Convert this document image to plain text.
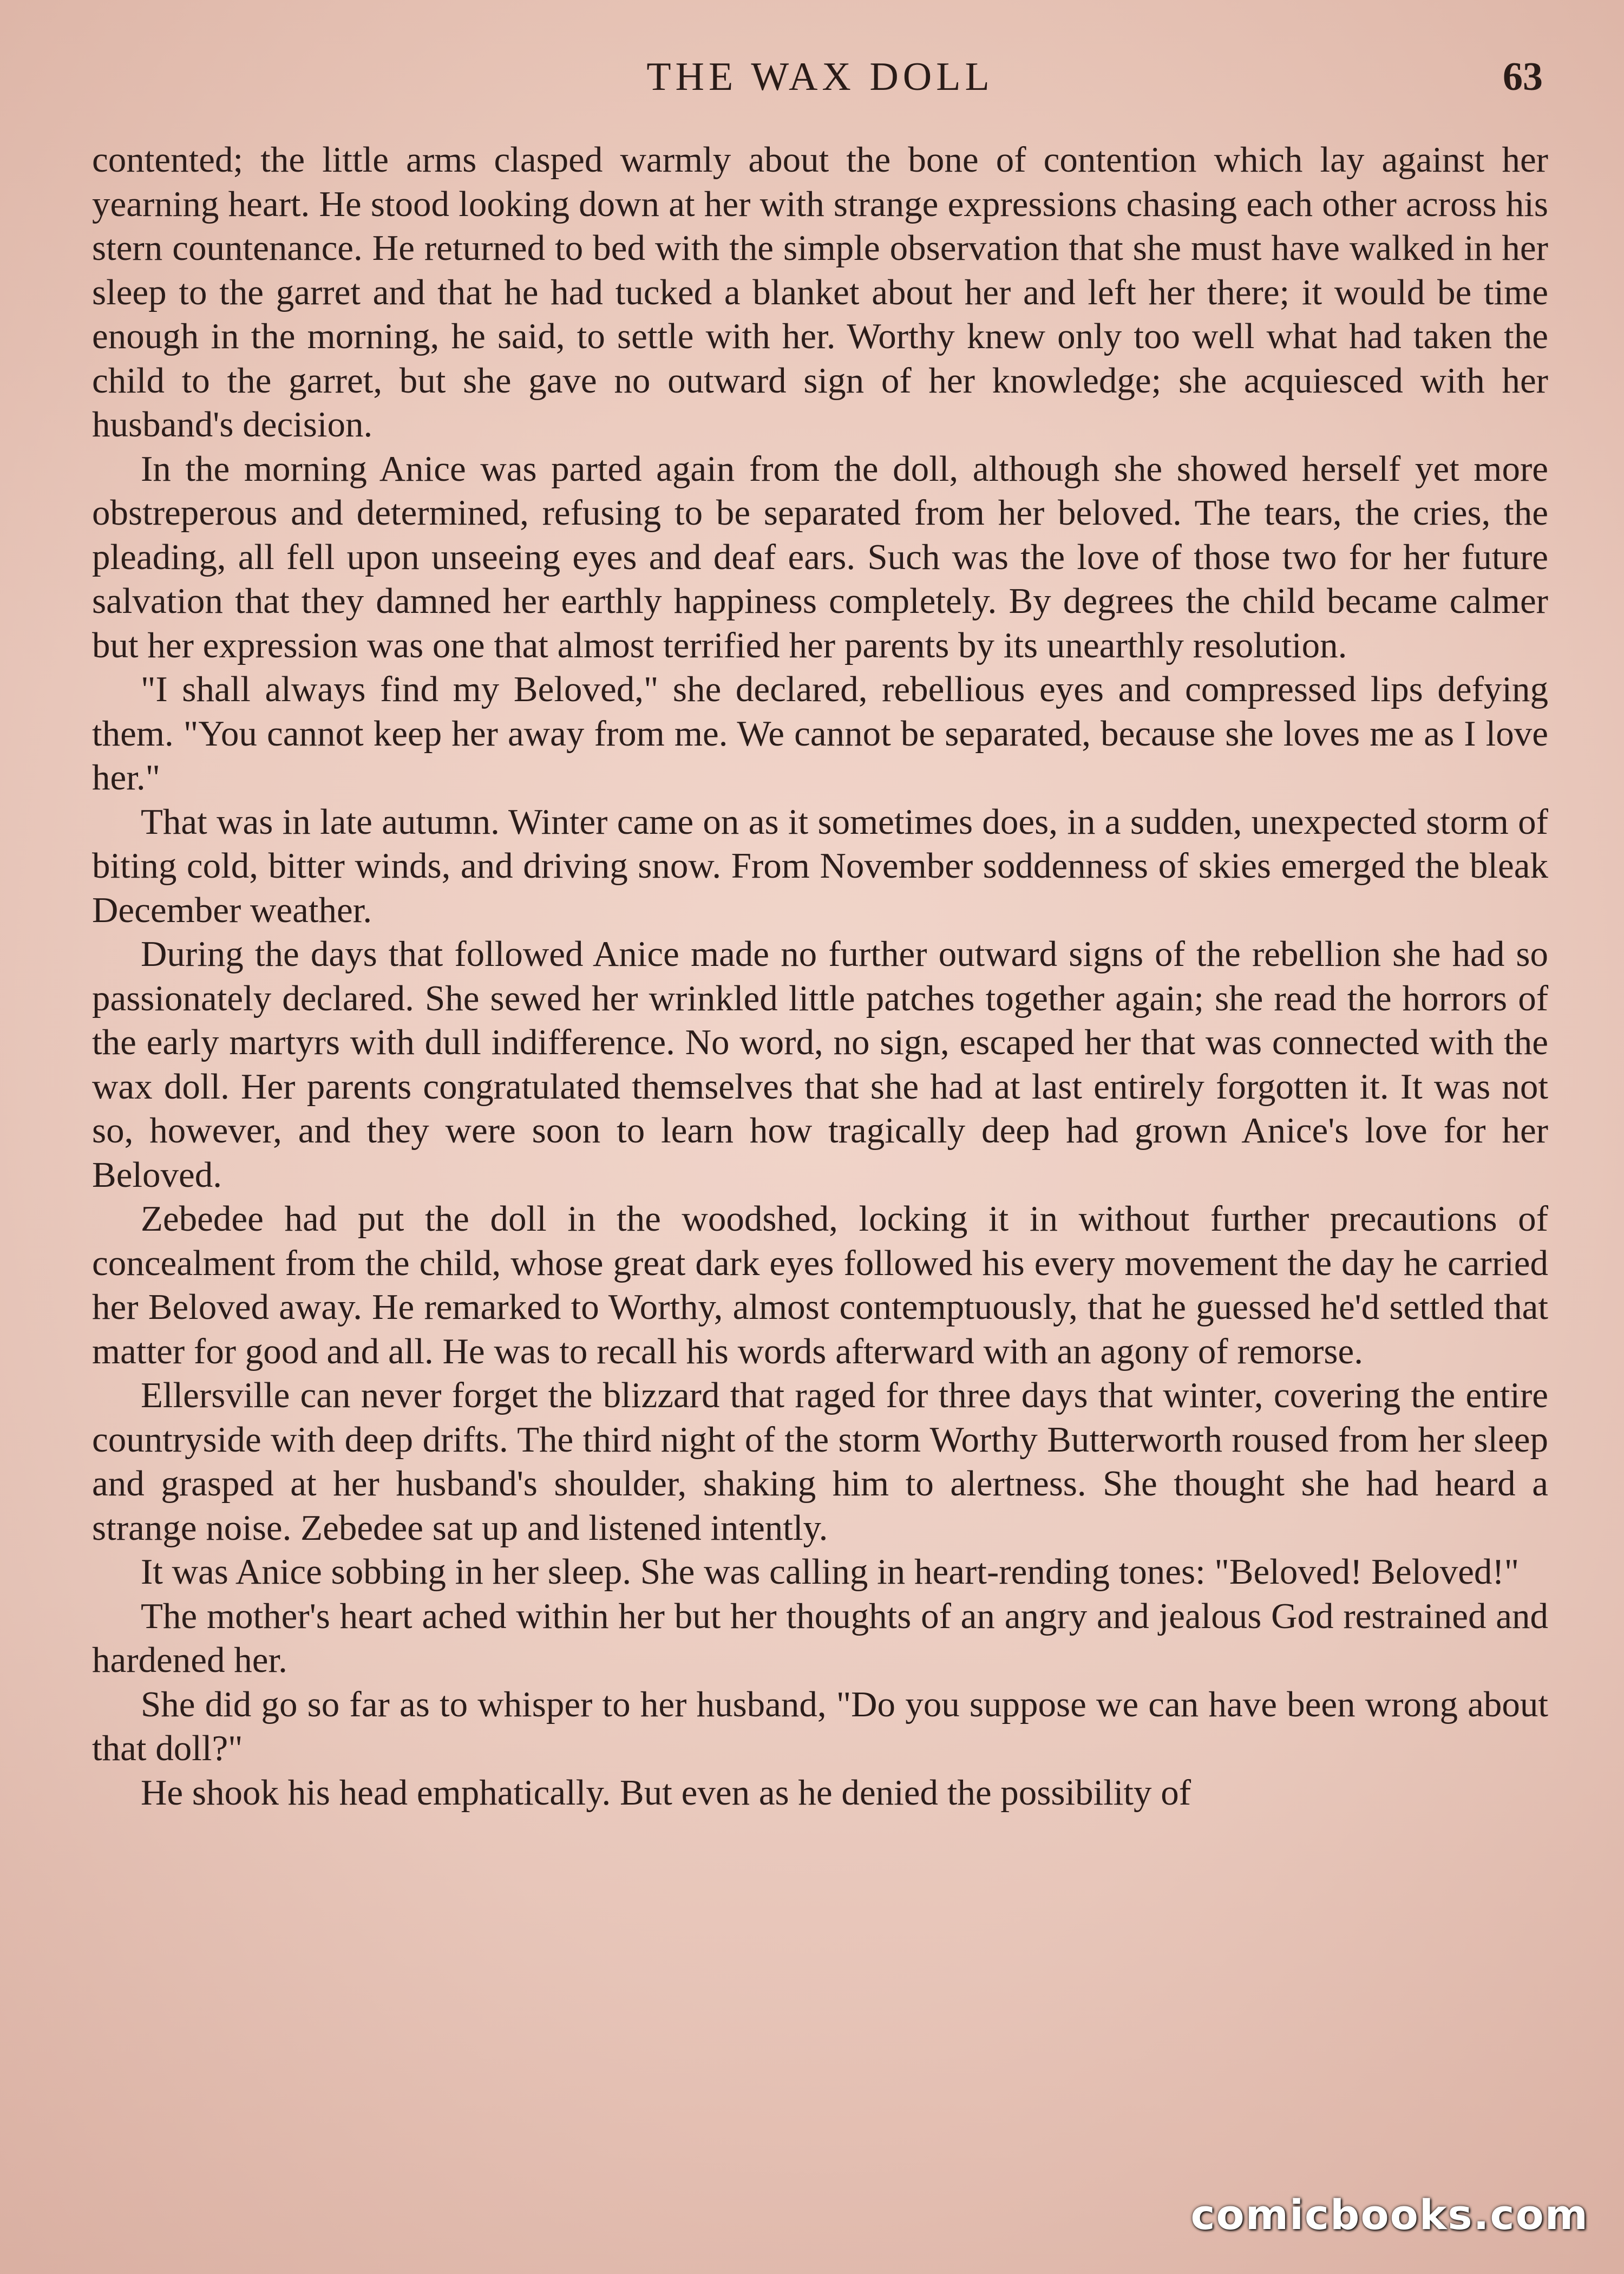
THE WAX DOLL	63

contented; the little arms clasped warmly about the bone of contention which lay against her yearning heart. He stood looking down at her with strange expressions chasing each other across his stern countenance. He returned to bed with the simple observation that she must have walked in her sleep to the garret and that he had tucked a blanket about her and left her there; it would be time enough in the morning, he said, to settle with her. Worthy knew only too well what had taken the child to the garret, but she gave no outward sign of her knowledge; she acquiesced with her husband's decision.

In the morning Anice was parted again from the doll, although she showed herself yet more obstreperous and determined, refusing to be separated from her beloved. The tears, the cries, the pleading, all fell upon unseeing eyes and deaf ears. Such was the love of those two for her future salvation that they damned her earthly happiness completely. By degrees the child became calmer but her expression was one that almost terrified her parents by its unearthly resolution.

"I shall always find my Beloved," she declared, rebellious eyes and compressed lips defying them. "You cannot keep her away from me. We cannot be separated, because she loves me as I love her."

That was in late autumn. Winter came on as it sometimes does, in a sudden, unexpected storm of biting cold, bitter winds, and driving snow. From November soddenness of skies emerged the bleak December weather.

During the days that followed Anice made no further outward signs of the rebellion she had so passionately declared. She sewed her wrinkled little patches together again; she read the horrors of the early martyrs with dull indifference. No word, no sign, escaped her that was connected with the wax doll. Her parents congratulated themselves that she had at last entirely forgotten it. It was not so, however, and they were soon to learn how tragically deep had grown Anice's love for her Beloved.

Zebedee had put the doll in the woodshed, locking it in without further precautions of concealment from the child, whose great dark eyes followed his every movement the day he carried her Beloved away. He remarked to Worthy, almost contemptuously, that he guessed he'd settled that matter for good and all. He was to recall his words afterward with an agony of remorse.

Ellersville can never forget the blizzard that raged for three days that winter, covering the entire countryside with deep drifts. The third night of the storm Worthy Butterworth roused from her sleep and grasped at her husband's shoulder, shaking him to alertness. She thought she had heard a strange noise. Zebedee sat up and listened intently.

It was Anice sobbing in her sleep. She was calling in heart-rending tones: "Beloved! Beloved!"

The mother's heart ached within her but her thoughts of an angry and jealous God restrained and hardened her.

She did go so far as to whisper to her husband, "Do you suppose we can have been wrong about that doll?"

He shook his head emphatically. But even as he denied the possibility of

comicbooks.com
